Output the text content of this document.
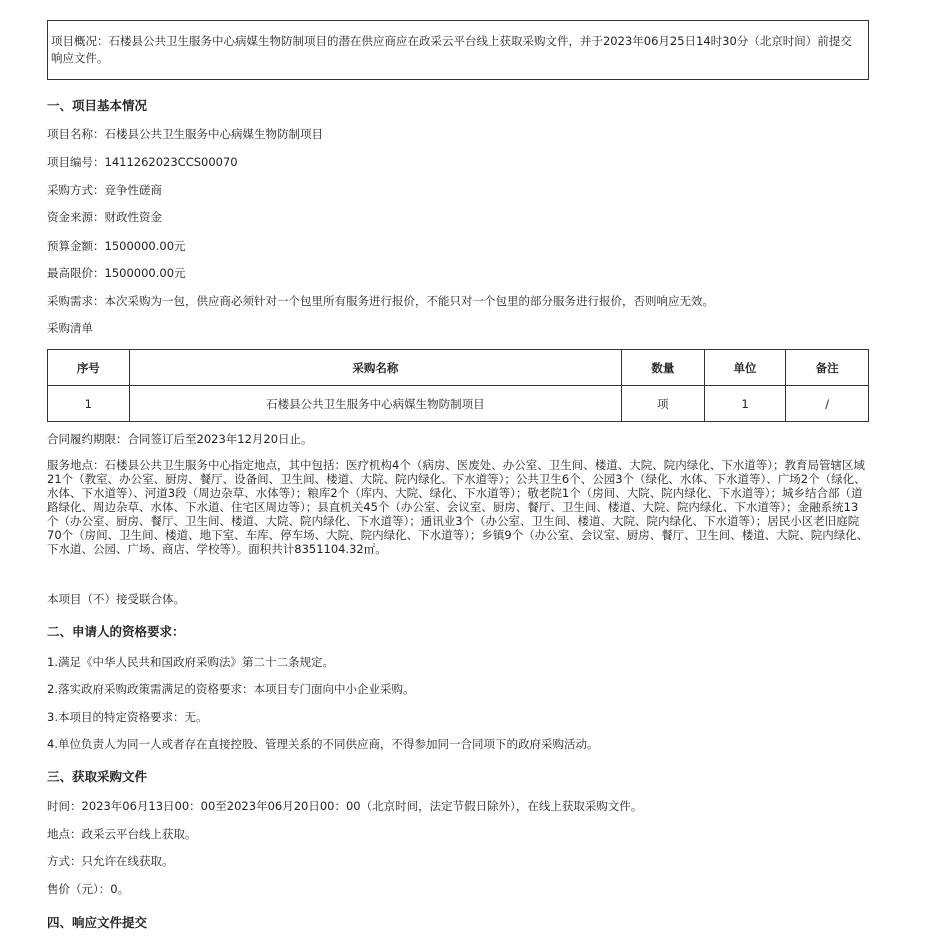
项目概况：石楼县公共卫生服务中心病媒生物防制项目的潜在供应商应在政采云平台线上获取采购文件，并于2023年06月25日14时30分（北京时间）前提交响应文件。
一、项目基本情况
项目名称：石楼县公共卫生服务中心病媒生物防制项目
项目编号：1411262023CCS00070
采购方式：竞争性磋商
资金来源：财政性资金
预算金额：1500000.00元
最高限价：1500000.00元
采购需求：本次采购为一包，供应商必须针对一个包里所有服务进行报价，不能只对一个包里的部分服务进行报价，否则响应无效。
采购清单
序号	采购名称	数量	单位	备注
1	石楼县公共卫生服务中心病媒生物防制项目	项	1	/
合同履约期限：合同签订后至2023年12月20日止。
服务地点：石楼县公共卫生服务中心指定地点，其中包括：医疗机构4个（病房、医废处、办公室、卫生间、楼道、大院、院内绿化、下水道等）；教育局管辖区域21个（教室、办公室、厨房、餐厅、设备间、卫生间、楼道、大院、院内绿化、下水道等）；公共卫生6个、公园3个（绿化、水体、下水道等）、广场2个（绿化、水体、下水道等）、河道3段（周边杂草、水体等）；粮库2个（库内、大院、绿化、下水道等）；敬老院1个（房间、大院、院内绿化、下水道等）；城乡结合部（道路绿化、周边杂草、水体、下水道、住宅区周边等）；县直机关45个（办公室、会议室、厨房、餐厅、卫生间、楼道、大院、院内绿化、下水道等）；金融系统13个（办公室、厨房、餐厅、卫生间、楼道、大院、院内绿化、下水道等）；通讯业3个（办公室、卫生间、楼道、大院、院内绿化、下水道等）；居民小区老旧庭院70个（房间、卫生间、楼道、地下室、车库、停车场、大院、院内绿化、下水道等）；乡镇9个（办公室、会议室、厨房、餐厅、卫生间、楼道、大院、院内绿化、下水道、公园、广场、商店、学校等）。面积共计8351104.32㎡。
本项目（不）接受联合体。
二、申请人的资格要求：
1.满足《中华人民共和国政府采购法》第二十二条规定。
2.落实政府采购政策需满足的资格要求：本项目专门面向中小企业采购。
3.本项目的特定资格要求：无。
4.单位负责人为同一人或者存在直接控股、管理关系的不同供应商，不得参加同一合同项下的政府采购活动。
三、获取采购文件
时间：2023年06月13日00：00至2023年06月20日00：00（北京时间，法定节假日除外），在线上获取采购文件。
地点：政采云平台线上获取。
方式：只允许在线获取。
售价（元）：0。
四、响应文件提交
